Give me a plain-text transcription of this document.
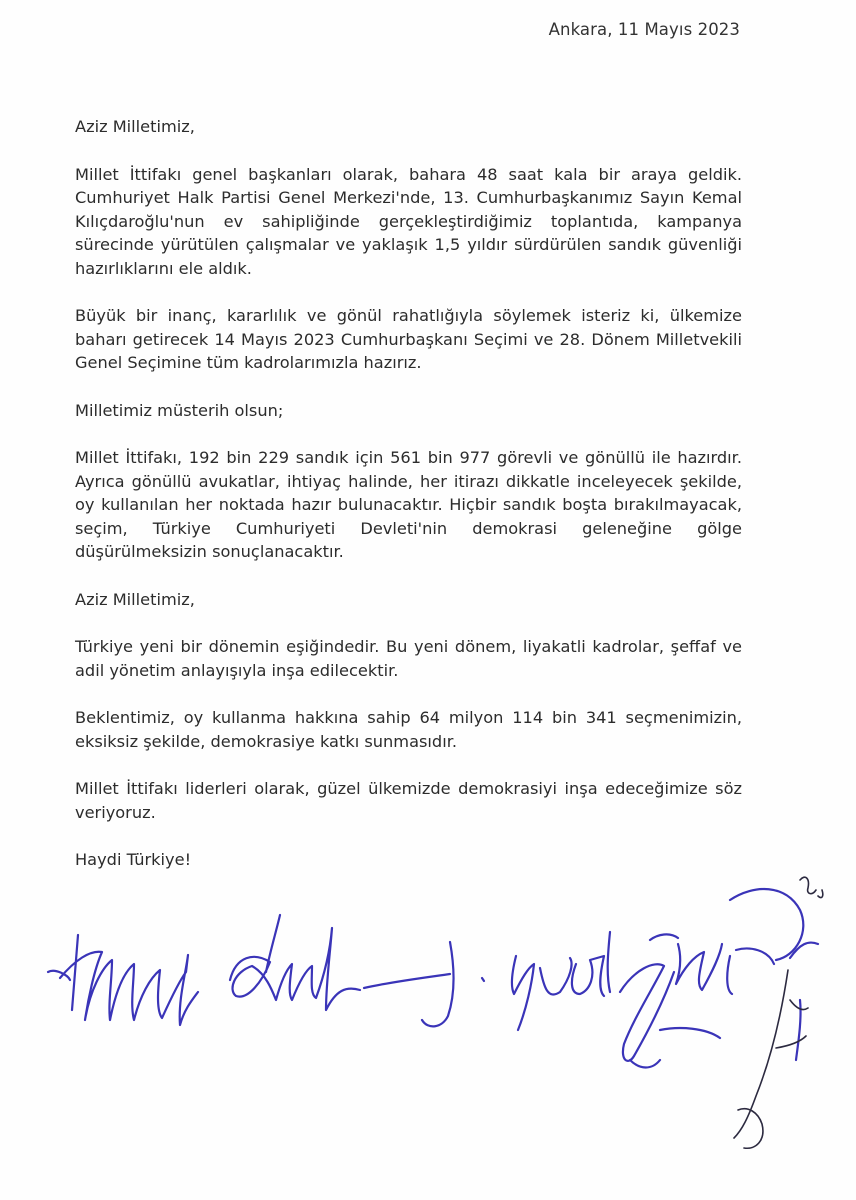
Ankara, 11 Mayıs 2023

Aziz Milletimiz,

Millet İttifakı genel başkanları olarak, bahara 48 saat kala bir araya geldik. Cumhuriyet Halk Partisi Genel Merkezi'nde, 13. Cumhurbaşkanımız Sayın Kemal Kılıçdaroğlu'nun ev sahipliğinde gerçekleştirdiğimiz toplantıda, kampanya sürecinde yürütülen çalışmalar ve yaklaşık 1,5 yıldır sürdürülen sandık güvenliği hazırlıklarını ele aldık.

Büyük bir inanç, kararlılık ve gönül rahatlığıyla söylemek isteriz ki, ülkemize baharı getirecek 14 Mayıs 2023 Cumhurbaşkanı Seçimi ve 28. Dönem Milletvekili Genel Seçimine tüm kadrolarımızla hazırız.

Milletimiz müsterih olsun;

Millet İttifakı, 192 bin 229 sandık için 561 bin 977 görevli ve gönüllü ile hazırdır. Ayrıca gönüllü avukatlar, ihtiyaç halinde, her itirazı dikkatle inceleyecek şekilde, oy kullanılan her noktada hazır bulunacaktır. Hiçbir sandık boşta bırakılmayacak, seçim, Türkiye Cumhuriyeti Devleti'nin demokrasi geleneğine gölge düşürülmeksizin sonuçlanacaktır.

Aziz Milletimiz,

Türkiye yeni bir dönemin eşiğindedir. Bu yeni dönem, liyakatli kadrolar, şeffaf ve adil yönetim anlayışıyla inşa edilecektir.

Beklentimiz, oy kullanma hakkına sahip 64 milyon 114 bin 341 seçmenimizin, eksiksiz şekilde, demokrasiye katkı sunmasıdır.

Millet İttifakı liderleri olarak, güzel ülkemizde demokrasiyi inşa edeceğimize söz veriyoruz.

Haydi Türkiye!
